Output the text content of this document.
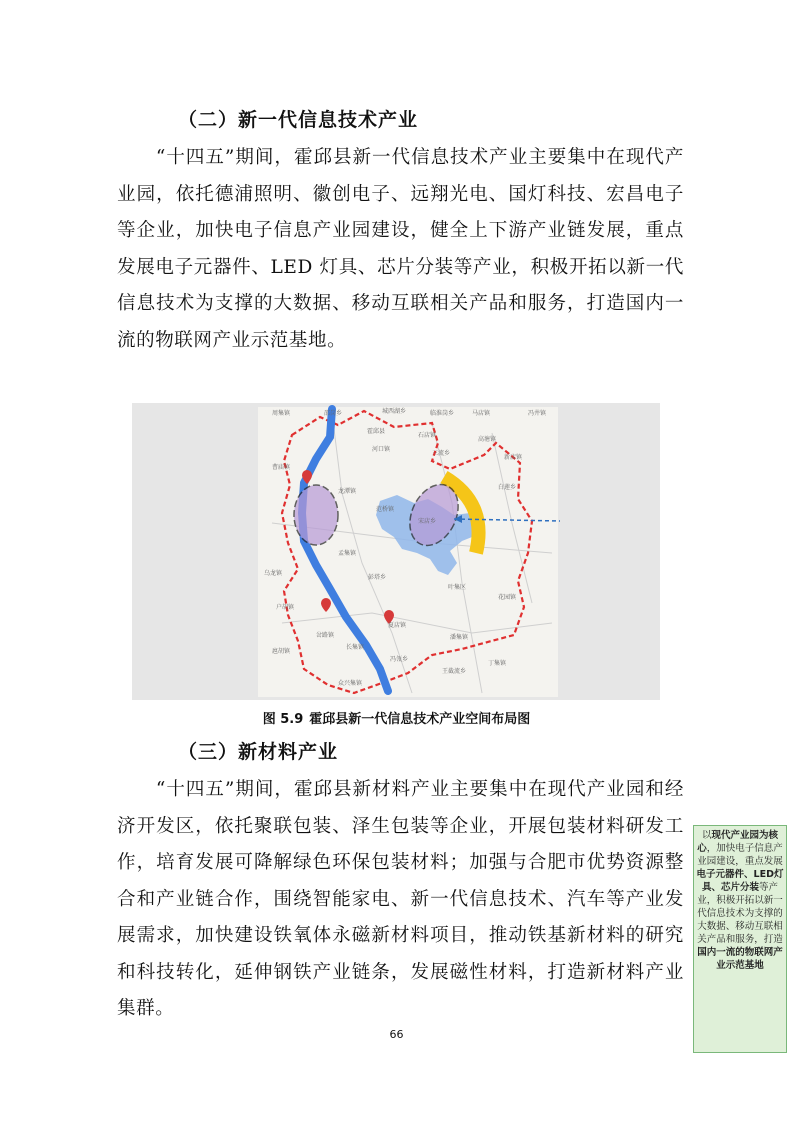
（二）新一代信息技术产业

“十四五”期间，霍邱县新一代信息技术产业主要集中在现代产业园，依托德浦照明、徽创电子、远翔光电、国灯科技、宏昌电子等企业，加快电子信息产业园建设，健全上下游产业链发展，重点发展电子元器件、LED 灯具、芯片分装等产业，积极开拓以新一代信息技术为支撑的大数据、移动互联相关产品和服务，打造国内一流的物联网产业示范基地。

周集镇	邵岗乡	城西湖乡	临淮岗乡	马店镇	冯井镇
霍邱县
石店镇
高塘镇
河口镇
三流乡
新店镇
曹庙镇
龙潭镇
白莲乡
范桥镇
宋店乡
孟集镇
乌龙镇
彭塔乡
叶集区
花园镇
户胡镇
夏店镇
潘集镇
岔路镇
长集镇
扈胡镇
冯瓴乡
王截流乡
丁集镇
众兴集镇
以现代产业园为核心，加快电子信息产业园建设，重点发展电子元器件、LED灯具、芯片分装等产业，积极开拓以新一代信息技术为支撑的大数据、移动互联相关产品和服务，打造国内一流的物联网产业示范基地
图 5.9 霍邱县新一代信息技术产业空间布局图
（三）新材料产业

“十四五”期间，霍邱县新材料产业主要集中在现代产业园和经济开发区，依托聚联包装、泽生包装等企业，开展包装材料研发工作，培育发展可降解绿色环保包装材料；加强与合肥市优势资源整合和产业链合作，围绕智能家电、新一代信息技术、汽车等产业发展需求，加快建设铁氧体永磁新材料项目，推动铁基新材料的研究和科技转化，延伸钢铁产业链条，发展磁性材料，打造新材料产业集群。

66
